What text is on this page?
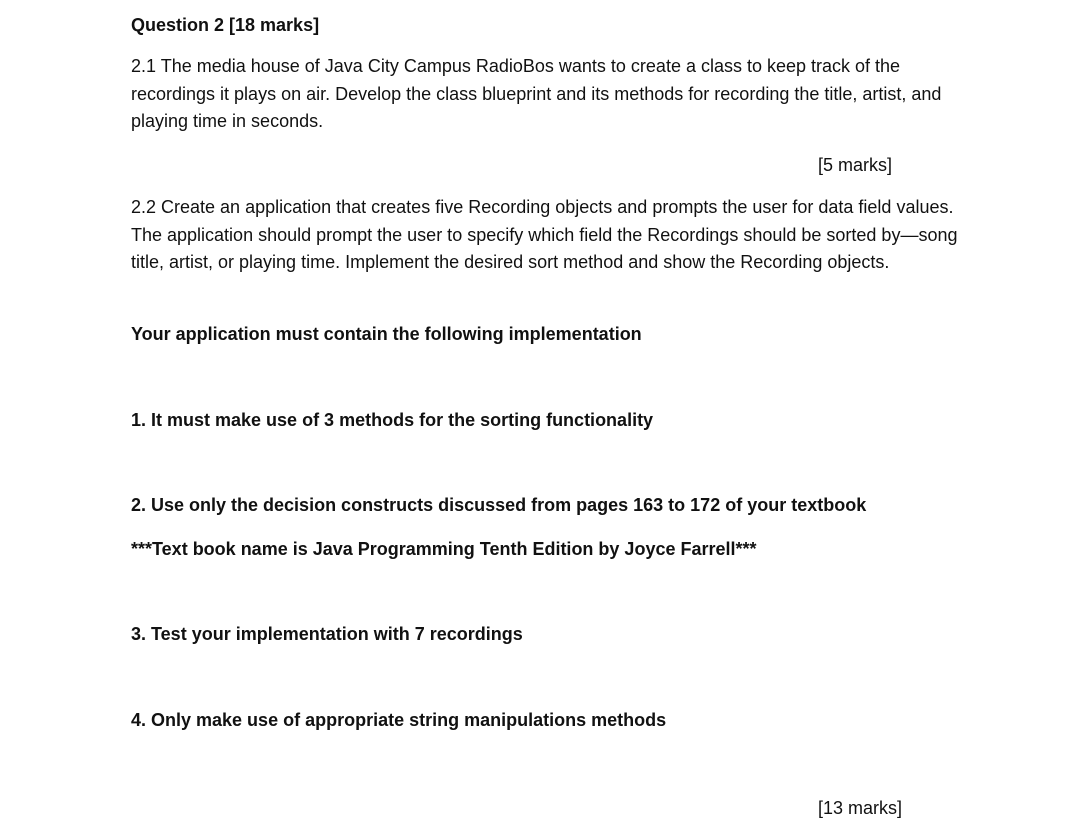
Question 2 [18 marks]

2.1 The media house of Java City Campus RadioBos wants to create a class to keep track of the recordings it plays on air. Develop the class blueprint and its methods for recording the title, artist, and playing time in seconds.

[5 marks]

2.2 Create an application that creates five Recording objects and prompts the user for data field values. The application should prompt the user to specify which field the Recordings should be sorted by—song title, artist, or playing time. Implement the desired sort method and show the Recording objects.

Your application must contain the following implementation

1. It must make use of 3 methods for the sorting functionality

2. Use only the decision constructs discussed from pages 163 to 172 of your textbook

***Text book name is Java Programming Tenth Edition by Joyce Farrell***

3. Test your implementation with 7 recordings

4. Only make use of appropriate string manipulations methods

[13 marks]
